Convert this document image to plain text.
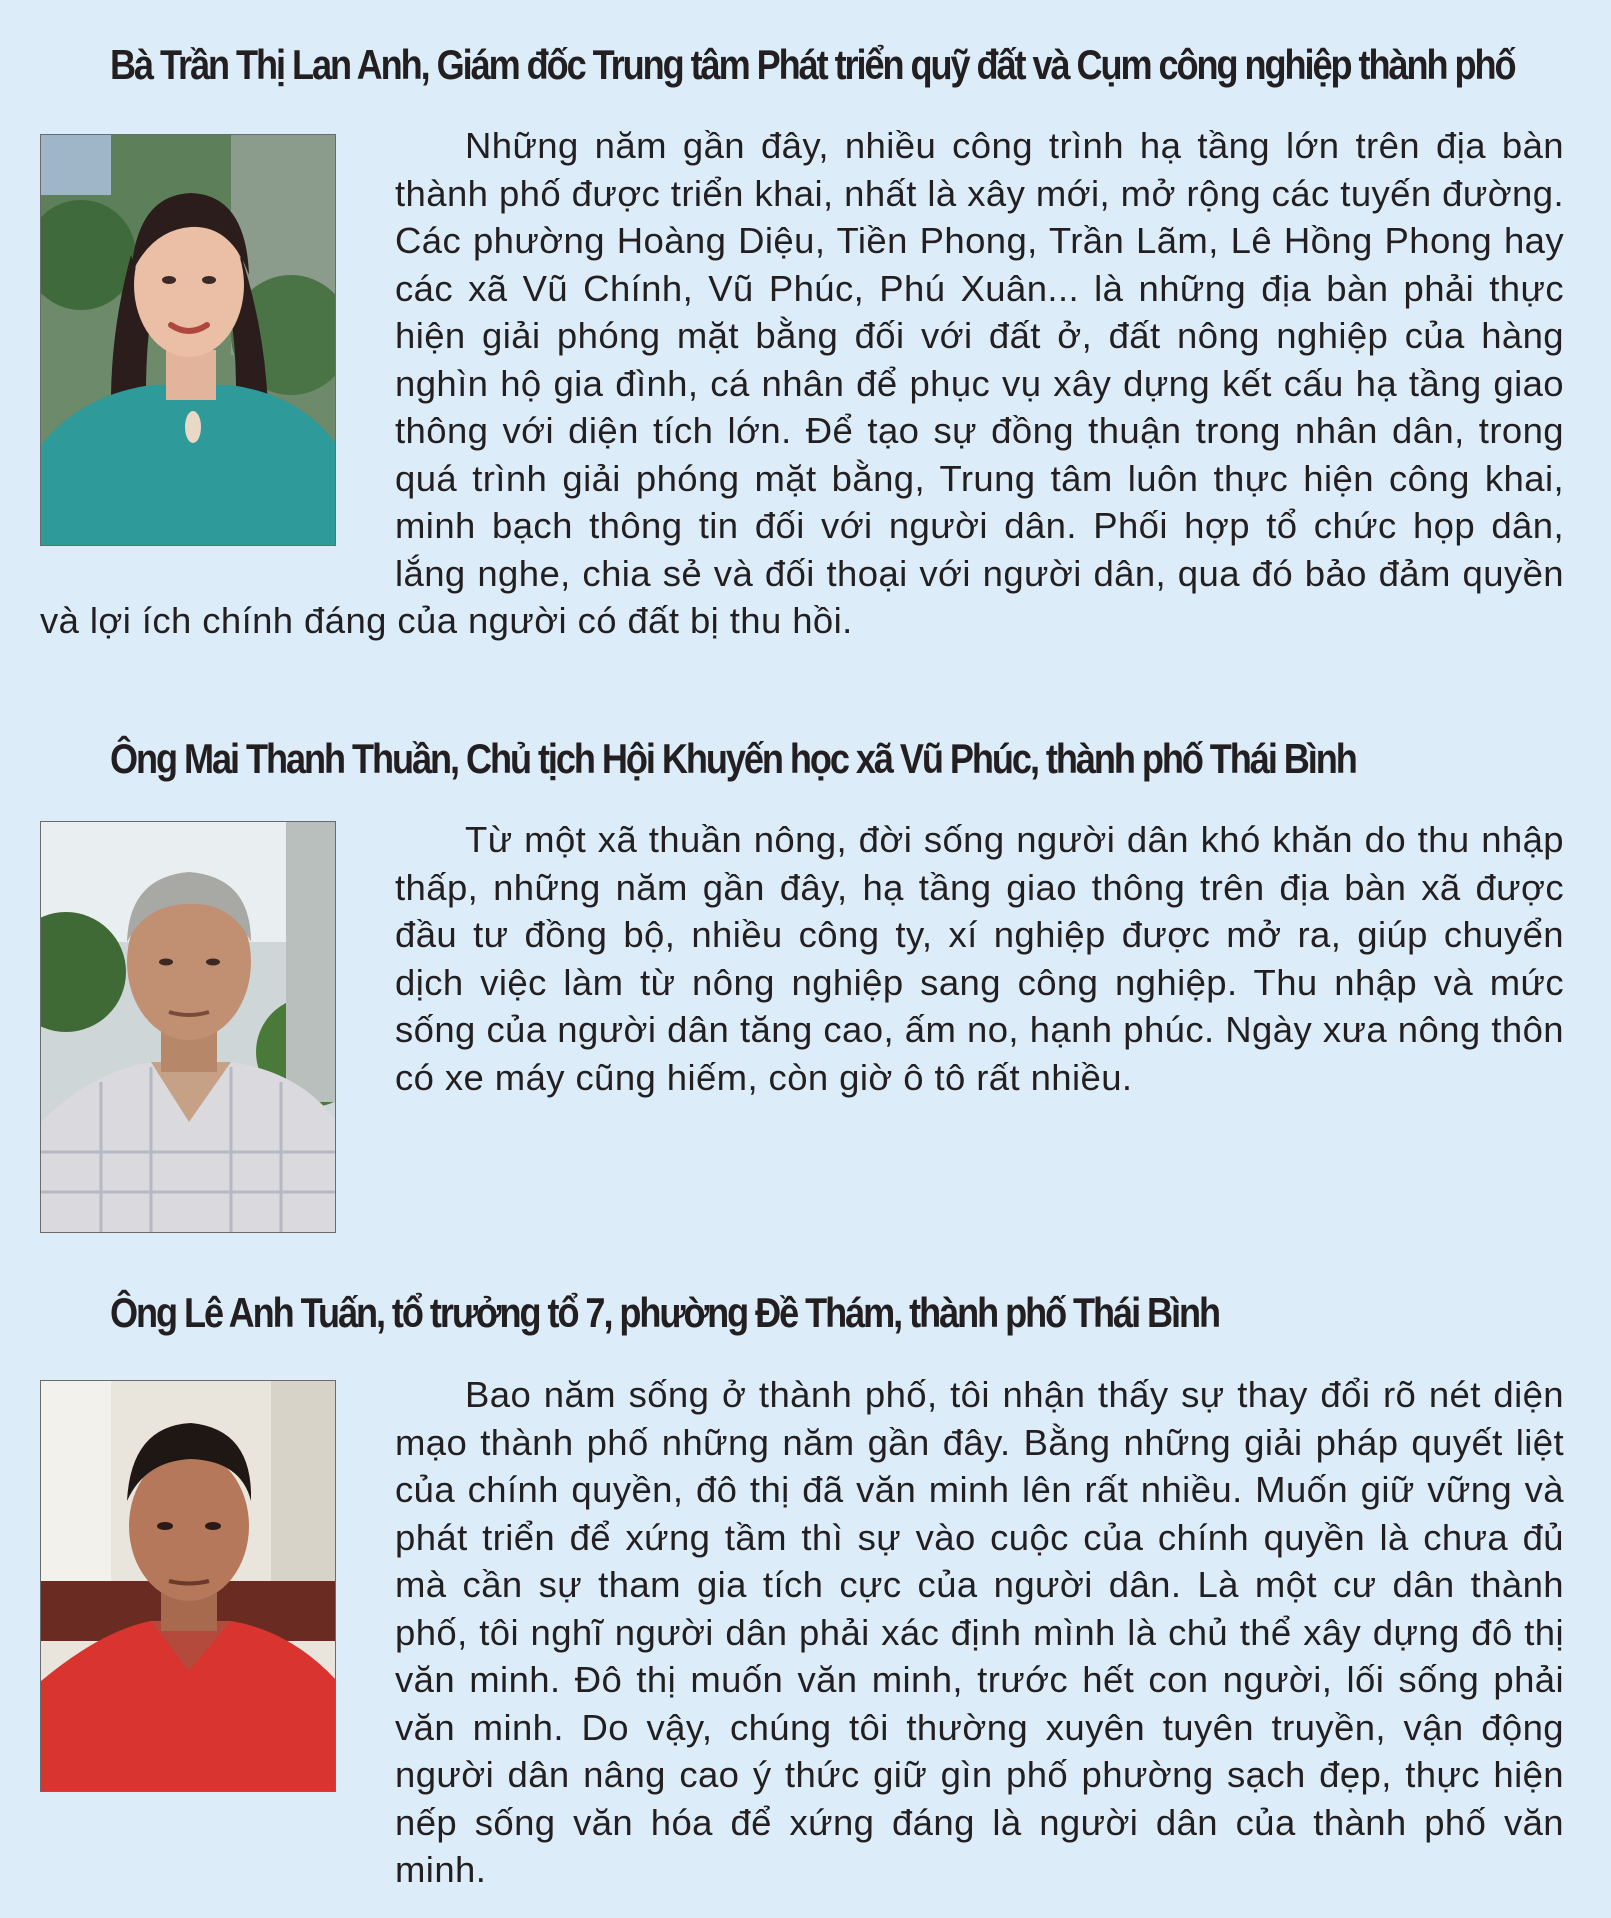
Bà Trần Thị Lan Anh, Giám đốc Trung tâm Phát triển quỹ đất và Cụm công nghiệp thành phố

Những năm gần đây, nhiều công trình hạ tầng lớn trên địa bàn thành phố được triển khai, nhất là xây mới, mở rộng các tuyến đường. Các phường Hoàng Diệu, Tiền Phong, Trần Lãm, Lê Hồng Phong hay các xã Vũ Chính, Vũ Phúc, Phú Xuân... là những địa bàn phải thực hiện giải phóng mặt bằng đối với đất ở, đất nông nghiệp của hàng nghìn hộ gia đình, cá nhân để phục vụ xây dựng kết cấu hạ tầng giao thông với diện tích lớn. Để tạo sự đồng thuận trong nhân dân, trong quá trình giải phóng mặt bằng, Trung tâm luôn thực hiện công khai, minh bạch thông tin đối với người dân. Phối hợp tổ chức họp dân, lắng nghe, chia sẻ và đối thoại với người dân, qua đó bảo đảm quyền và lợi ích chính đáng của người có đất bị thu hồi.

Ông Mai Thanh Thuần, Chủ tịch Hội Khuyến học xã Vũ Phúc, thành phố Thái Bình

Từ một xã thuần nông, đời sống người dân khó khăn do thu nhập thấp, những năm gần đây, hạ tầng giao thông trên địa bàn xã được đầu tư đồng bộ, nhiều công ty, xí nghiệp được mở ra, giúp chuyển dịch việc làm từ nông nghiệp sang công nghiệp. Thu nhập và mức sống của người dân tăng cao, ấm no, hạnh phúc. Ngày xưa nông thôn có xe máy cũng hiếm, còn giờ ô tô rất nhiều.

Ông Lê Anh Tuấn, tổ trưởng tổ 7, phường Đề Thám, thành phố Thái Bình

Bao năm sống ở thành phố, tôi nhận thấy sự thay đổi rõ nét diện mạo thành phố những năm gần đây. Bằng những giải pháp quyết liệt của chính quyền, đô thị đã văn minh lên rất nhiều. Muốn giữ vững và phát triển để xứng tầm thì sự vào cuộc của chính quyền là chưa đủ mà cần sự tham gia tích cực của người dân. Là một cư dân thành phố, tôi nghĩ người dân phải xác định mình là chủ thể xây dựng đô thị văn minh. Đô thị muốn văn minh, trước hết con người, lối sống phải văn minh. Do vậy, chúng tôi thường xuyên tuyên truyền, vận động người dân nâng cao ý thức giữ gìn phố phường sạch đẹp, thực hiện nếp sống văn hóa để xứng đáng là người dân của thành phố văn minh.
